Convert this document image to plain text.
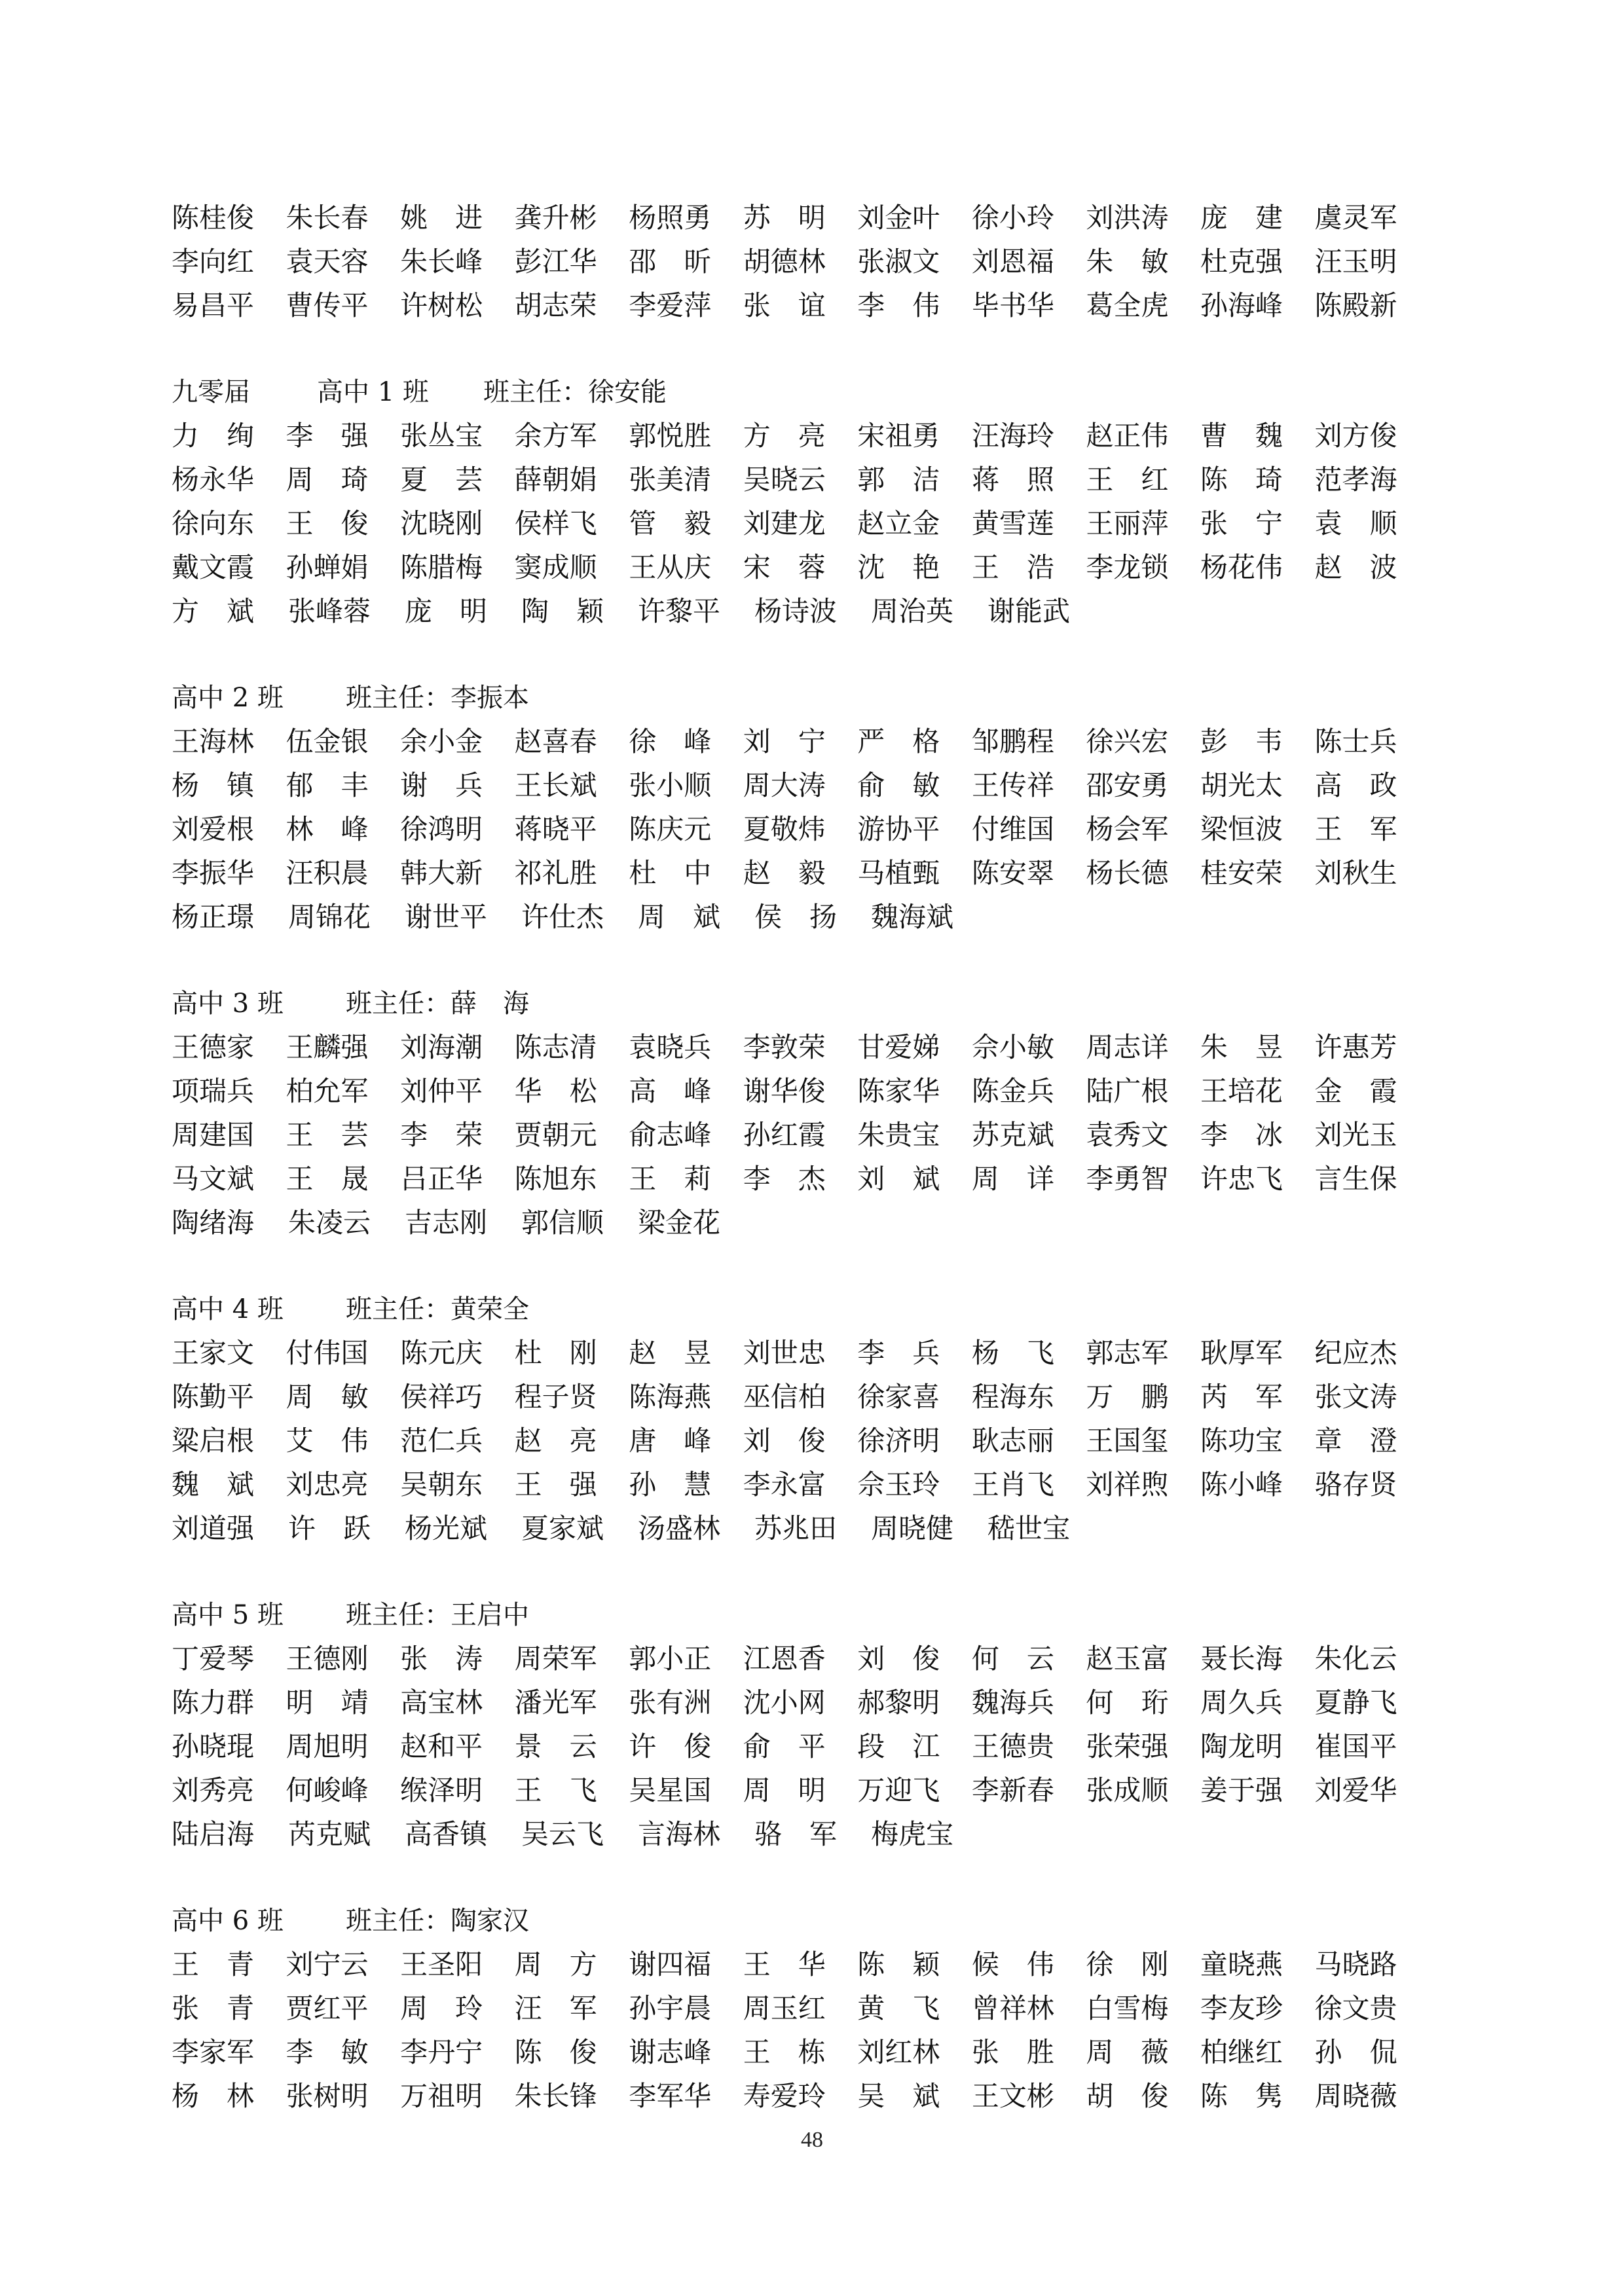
陈桂俊	朱长春	姚　进	龚升彬	杨照勇	苏　明	刘金叶	徐小玲	刘洪涛	庞　建	虞灵军
李向红	袁天容	朱长峰	彭江华	邵　昕	胡德林	张淑文	刘恩福	朱　敏	杜克强	汪玉明
易昌平	曹传平	许树松	胡志荣	李爱萍	张　谊	李　伟	毕书华	葛全虎	孙海峰	陈殿新
九零届	高中 1 班	班主任：徐安能
力　绚	李　强	张丛宝	余方军	郭悦胜	方　亮	宋祖勇	汪海玲	赵正伟	曹　魏	刘方俊
杨永华	周　琦	夏　芸	薛朝娟	张美清	吴晓云	郭　洁	蒋　照	王　红	陈　琦	范孝海
徐向东	王　俊	沈晓刚	侯样飞	管　毅	刘建龙	赵立金	黄雪莲	王丽萍	张　宁	袁　顺
戴文霞	孙蝉娟	陈腊梅	窦成顺	王从庆	宋　蓉	沈　艳	王　浩	李龙锁	杨花伟	赵　波
方　斌	张峰蓉	庞　明	陶　颖	许黎平	杨诗波	周治英	谢能武
高中 2 班	班主任：李振本
王海林	伍金银	余小金	赵喜春	徐　峰	刘　宁	严　格	邹鹏程	徐兴宏	彭　韦	陈士兵
杨　镇	郁　丰	谢　兵	王长斌	张小顺	周大涛	俞　敏	王传祥	邵安勇	胡光太	高　政
刘爱根	林　峰	徐鸿明	蒋晓平	陈庆元	夏敬炜	游协平	付维国	杨会军	梁恒波	王　军
李振华	汪积晨	韩大新	祁礼胜	杜　中	赵　毅	马植甄	陈安翠	杨长德	桂安荣	刘秋生
杨正璟	周锦花	谢世平	许仕杰	周　斌	侯　扬	魏海斌
高中 3 班	班主任：薛　海
王德家	王麟强	刘海潮	陈志清	袁晓兵	李敦荣	甘爱娣	佘小敏	周志详	朱　昱	许惠芳
项瑞兵	柏允军	刘仲平	华　松	高　峰	谢华俊	陈家华	陈金兵	陆广根	王培花	金　霞
周建国	王　芸	李　荣	贾朝元	俞志峰	孙红霞	朱贵宝	苏克斌	袁秀文	李　冰	刘光玉
马文斌	王　晟	吕正华	陈旭东	王　莉	李　杰	刘　斌	周　详	李勇智	许忠飞	言生保
陶绪海	朱凌云	吉志刚	郭信顺	梁金花
高中 4 班	班主任：黄荣全
王家文	付伟国	陈元庆	杜　刚	赵　昱	刘世忠	李　兵	杨　飞	郭志军	耿厚军	纪应杰
陈勤平	周　敏	侯祥巧	程子贤	陈海燕	巫信柏	徐家喜	程海东	万　鹏	芮　军	张文涛
粱启根	艾　伟	范仁兵	赵　亮	唐　峰	刘　俊	徐济明	耿志丽	王国玺	陈功宝	章　澄
魏　斌	刘忠亮	吴朝东	王　强	孙　慧	李永富	佘玉玲	王肖飞	刘祥煦	陈小峰	骆存贤
刘道强	许　跃	杨光斌	夏家斌	汤盛林	苏兆田	周晓健	嵇世宝
高中 5 班	班主任：王启中
丁爱琴	王德刚	张　涛	周荣军	郭小正	江恩香	刘　俊	何　云	赵玉富	聂长海	朱化云
陈力群	明　靖	高宝林	潘光军	张有洲	沈小网	郝黎明	魏海兵	何　珩	周久兵	夏静飞
孙晓琨	周旭明	赵和平	景　云	许　俊	俞　平	段　江	王德贵	张荣强	陶龙明	崔国平
刘秀亮	何峻峰	缑泽明	王　飞	吴星国	周　明	万迎飞	李新春	张成顺	姜于强	刘爱华
陆启海	芮克赋	高香镇	吴云飞	言海林	骆　军	梅虎宝
高中 6 班	班主任：陶家汉
王　青	刘宁云	王圣阳	周　方	谢四福	王　华	陈　颖	候　伟	徐　刚	童晓燕	马晓路
张　青	贾红平	周　玲	汪　军	孙宇晨	周玉红	黄　飞	曾祥林	白雪梅	李友珍	徐文贵
李家军	李　敏	李丹宁	陈　俊	谢志峰	王　栋	刘红林	张　胜	周　薇	柏继红	孙　侃
杨　林	张树明	万祖明	朱长锋	李军华	寿爱玲	吴　斌	王文彬	胡　俊	陈　隽	周晓薇
48
